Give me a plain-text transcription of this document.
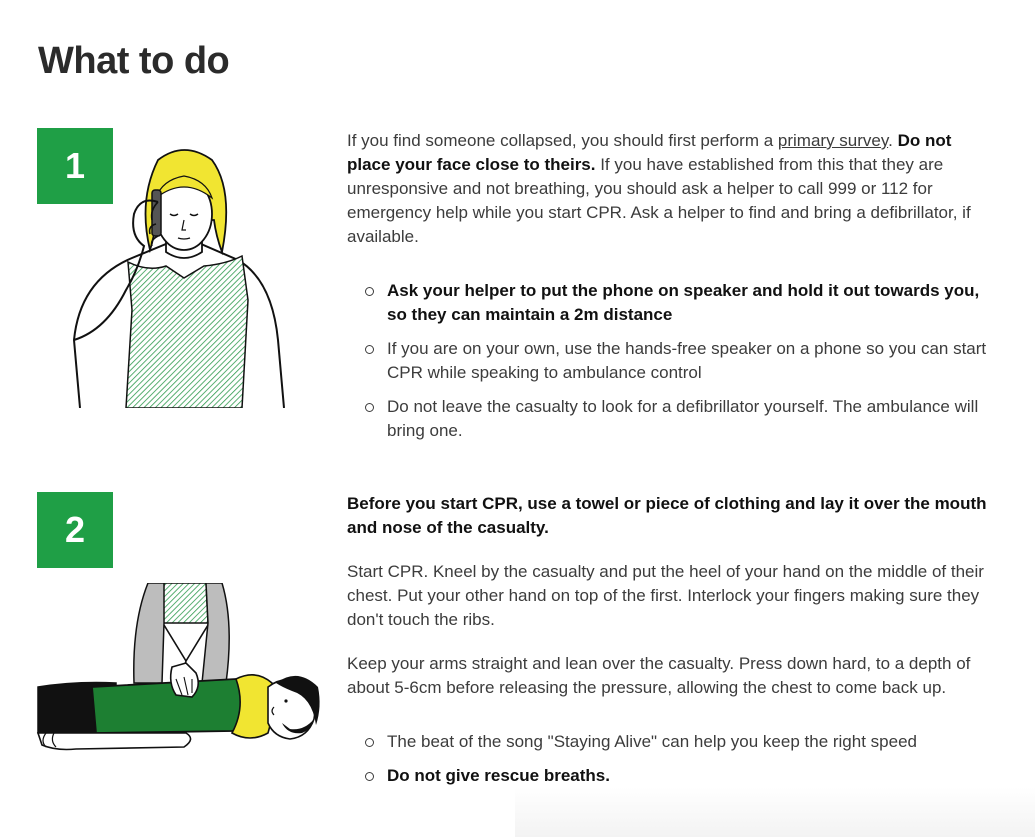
What to do
1

If you find someone collapsed, you should first perform a primary survey. Do not place your face close to theirs. If you have established from this that they are unresponsive and not breathing, you should ask a helper to call 999 or 112 for emergency help while you start CPR. Ask a helper to find and bring a defibrillator, if available.

Ask your helper to put the phone on speaker and hold it out towards you, so they can maintain a 2m distance
If you are on your own, use the hands-free speaker on a phone so you can start CPR while speaking to ambulance control
Do not leave the casualty to look for a defibrillator yourself. The ambulance will bring one.
2

Before you start CPR, use a towel or piece of clothing and lay it over the mouth and nose of the casualty.

Start CPR. Kneel by the casualty and put the heel of your hand on the middle of their chest. Put your other hand on top of the first. Interlock your fingers making sure they don't touch the ribs.

Keep your arms straight and lean over the casualty. Press down hard, to a depth of about 5-6cm before releasing the pressure, allowing the chest to come back up.

The beat of the song "Staying Alive" can help you keep the right speed
Do not give rescue breaths.
